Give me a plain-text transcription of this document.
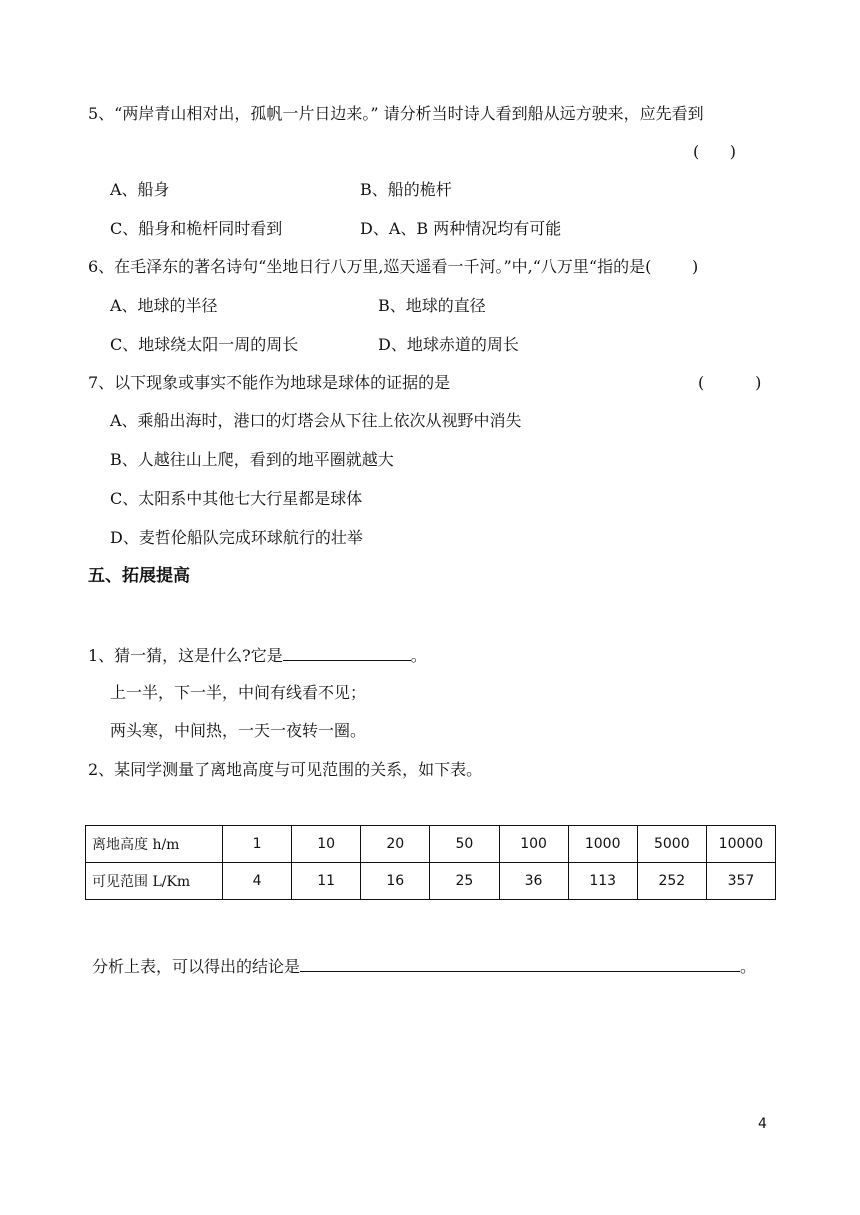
5、“两岸青山相对出，孤帆一片日边来。” 请分析当时诗人看到船从远方驶来，应先看到
(      )
A、船身	B、船的桅杆
C、船身和桅杆同时看到	D、A、B 两种情况均有可能
6、在毛泽东的著名诗句“坐地日行八万里,巡天遥看一千河。”中,“八万里“指的是(        )
A、地球的半径	B、地球的直径
C、地球绕太阳一周的周长	D、地球赤道的周长
7、以下现象或事实不能作为地球是球体的证据的是	(          )
A、乘船出海时，港口的灯塔会从下往上依次从视野中消失
B、人越往山上爬，看到的地平圈就越大
C、太阳系中其他七大行星都是球体
D、麦哲伦船队完成环球航行的壮举
五、拓展提高
1、猜一猜，这是什么?它是	。
上一半，下一半，中间有线看不见；
两头寒，中间热，一天一夜转一圈。
2、某同学测量了离地高度与可见范围的关系，如下表。
离地高度 h/m	1	10	20	50	100	1000	5000	10000
可见范围 L/Km	4	11	16	25	36	113	252	357
分析上表，可以得出的结论是	。
4
